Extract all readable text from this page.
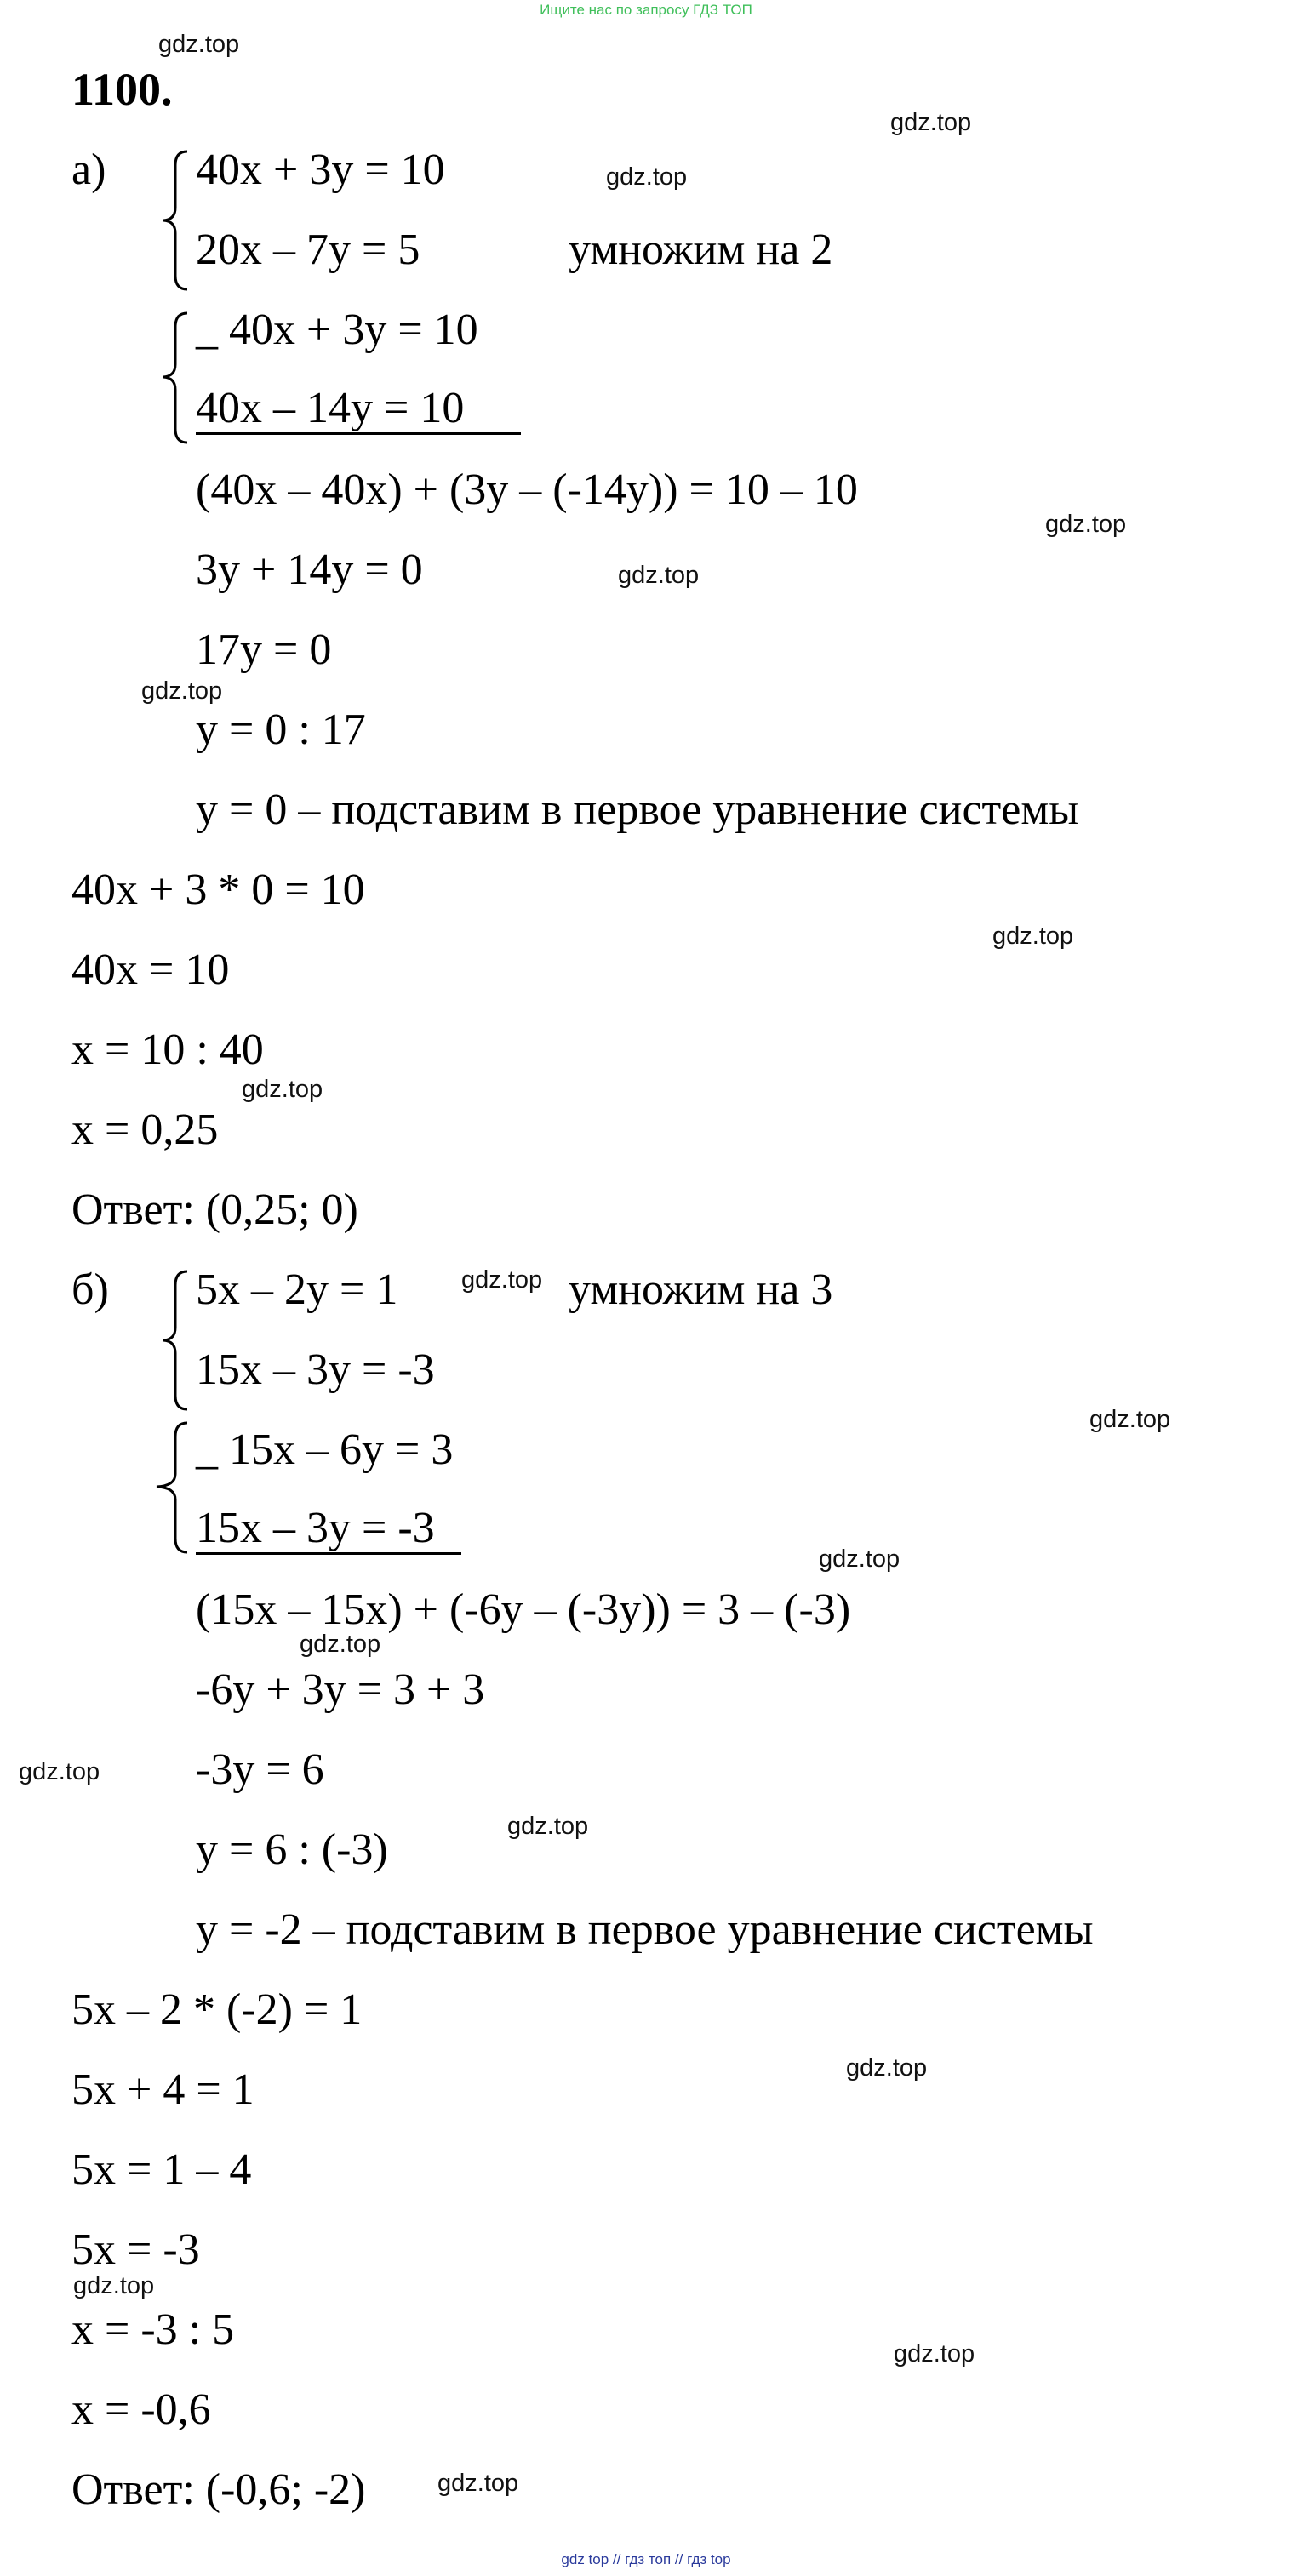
Ищите нас по запросу ГДЗ ТОП
gdz top // гдз топ // гдз top
1100.
а) 40x + 3y = 10
20x – 7y = 5	умножим на 2
_ 40x + 3y = 10
40x – 14y = 10
(40x – 40x) + (3y – (-14y)) = 10 – 10
3y + 14y = 0
17y = 0
y = 0 : 17
y = 0 – подставим в первое уравнение системы
40x + 3 * 0 = 10
40x = 10
x = 10 : 40
x = 0,25
Ответ: (0,25; 0)
б) 5x – 2y = 1	умножим на 3
15x – 3y = -3
_ 15x – 6y = 3
15x – 3y = -3
(15x – 15x) + (-6y – (-3y)) = 3 – (-3)
-6y + 3y = 3 + 3
-3y = 6
y = 6 : (-3)
y = -2 – подставим в первое уравнение системы
5x – 2 * (-2) = 1
5x + 4 = 1
5x = 1 – 4
5x = -3
x = -3 : 5
x = -0,6
Ответ: (-0,6; -2)
gdz.top
gdz.top
gdz.top
gdz.top
gdz.top
gdz.top
gdz.top
gdz.top
gdz.top
gdz.top
gdz.top
gdz.top
gdz.top
gdz.top
gdz.top
gdz.top
gdz.top
gdz.top
